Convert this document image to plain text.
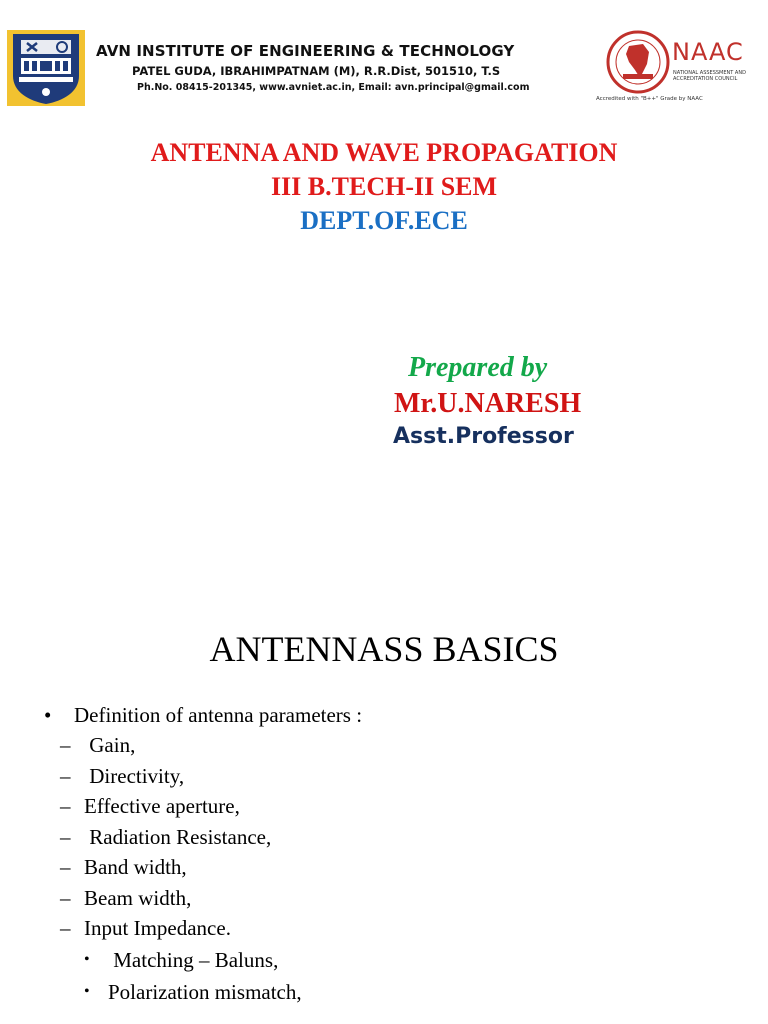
AVN INSTITUTE OF ENGINEERING & TECHNOLOGY
PATEL GUDA, IBRAHIMPATNAM (M), R.R.Dist, 501510, T.S
Ph.No. 08415-201345, www.avniet.ac.in, Email: avn.principal@gmail.com
NAAC
NATIONAL ASSESSMENT AND ACCREDITATION COUNCIL
Accredited with "B++" Grade by NAAC
ANTENNA AND WAVE PROPAGATION
III B.TECH-II SEM
DEPT.OF.ECE
Prepared by
Mr.U.NARESH
Asst.Professor
ANTENNASS BASICS
• Definition of antenna parameters :
– Gain,
– Directivity,
– Effective aperture,
– Radiation Resistance,
– Band width,
– Beam width,
– Input Impedance.
• Matching – Baluns,
• Polarization mismatch,
